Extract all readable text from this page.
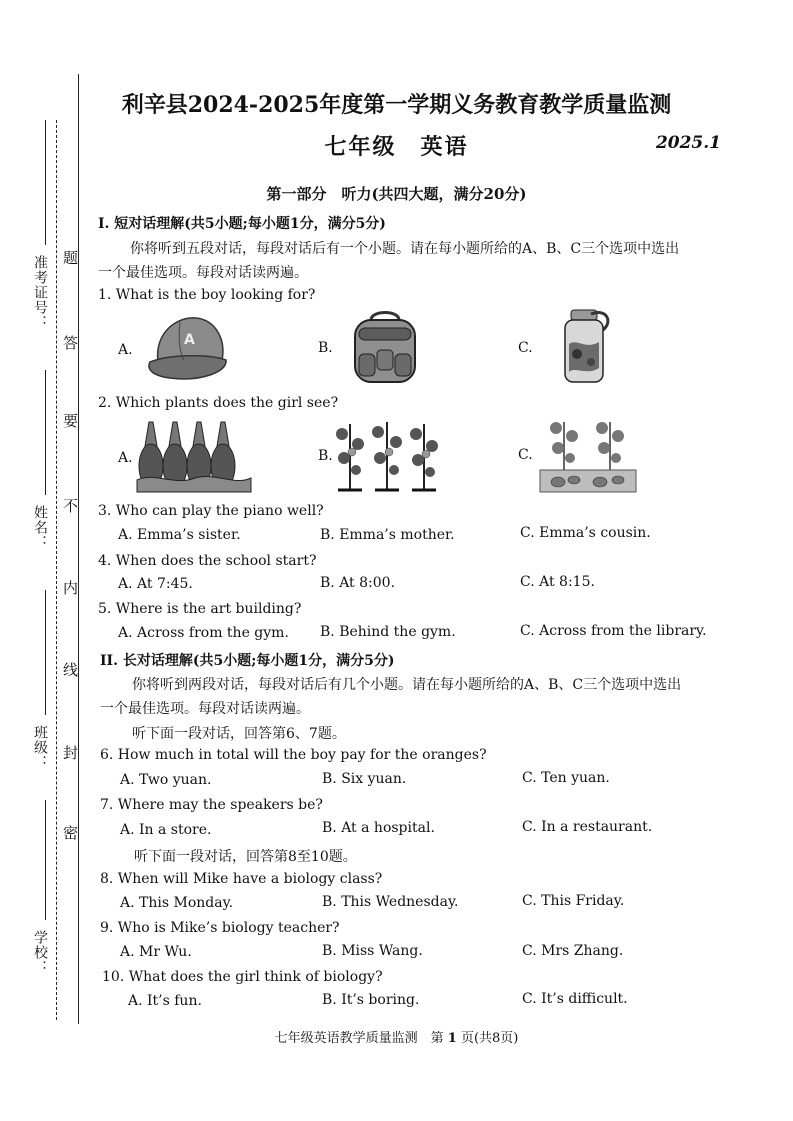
准考证号：
姓名：
班级：
学校：
题
答
要
不
内
线
封
密
利辛县2024-2025年度第一学期义务教育教学质量监测
七年级　英语	2025.1
第一部分　听力(共四大题，满分20分)
I. 短对话理解(共5小题;每小题1分，满分5分)
你将听到五段对话，每段对话后有一个小题。请在每小题所给的A、B、C三个选项中选出
一个最佳选项。每段对话读两遍。
1. What is the boy looking for?
A.
A	B.	C.
2. Which plants does the girl see?
A.	B.	C.
3. Who can play the piano well?
A. Emma’s sister.	B. Emma’s mother.	C. Emma’s cousin.
4. When does the school start?
A. At 7:45.	B. At 8:00.	C. At 8:15.
5. Where is the art building?
A. Across from the gym. B. Behind the gym.	C. Across from the library.
II. 长对话理解(共5小题;每小题1分，满分5分)
你将听到两段对话，每段对话后有几个小题。请在每小题所给的A、B、C三个选项中选出
一个最佳选项。每段对话读两遍。
听下面一段对话，回答第6、7题。
6. How much in total will the boy pay for the oranges?
A. Two yuan.	B. Six yuan.	C. Ten yuan.
7. Where may the speakers be?
A. In a store.	B. At a hospital.	C. In a restaurant.
听下面一段对话，回答第8至10题。
8. When will Mike have a biology class?
A. This Monday.	B. This Wednesday.	C. This Friday.
9. Who is Mike’s biology teacher?
A. Mr Wu.	B. Miss Wang.	C. Mrs Zhang.
10. What does the girl think of biology?
A. It’s fun.	B. It’s boring.	C. It’s difficult.
七年级英语教学质量监测　第 1 页(共8页)
